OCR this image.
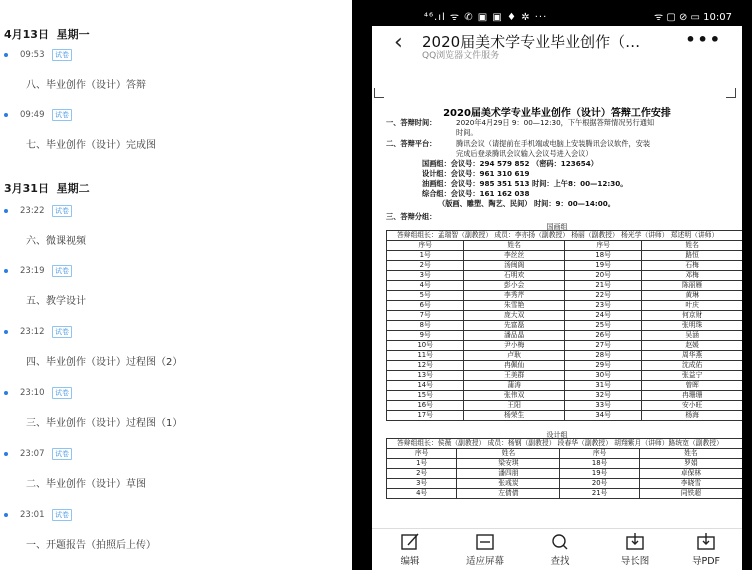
4月13日 星期一
09:53	试卷
八、毕业创作（设计）答辩
09:49	试卷
七、毕业创作（设计）完成图
3月31日 星期二
23:22	试卷
六、微课视频
23:19	试卷
五、教学设计
23:12	试卷
四、毕业创作（设计）过程图（2）
23:10	试卷
三、毕业创作（设计）过程图（1）
23:07	试卷
二、毕业创作（设计）草图
23:01	试卷
一、开题报告（拍照后上传）
⁴⁶.ıl ᯤ ✆ ▣ ▣ ♦ ✲ ···	ᯤ ▢ ⊘ ▭ 10:07
‹ 2020届美术学专业毕业创作（…
QQ浏览器文件服务
•••
2020届美术学专业毕业创作（设计）答辩工作安排
一、答辩时间：	2020年4月29日 9：00—12:30，下午根据答辩情况另行通知
时间。
二、答辩平台：	腾讯会议（请提前在手机端或电脑上安装腾讯会议软件，安装
完成后登录腾讯会议输入会议号进入会议）
国画组：会议号：294 579 852 （密码：123654）
设计组：会议号：961 310 619
油画组：会议号：985 351 513 时间：上午8：00—12:30。
综合组：会议号：161 162 038
（版画、雕塑、陶艺、民间） 时间：9：00—14:00。
三、答辩分组：
国画组
答辩组组长：孟瑞智（副教授） 成员：李亦扬（副教授） 杨丽（副教授） 杨光学（讲师） 郑述明（讲师）			
序号	姓名	序号	姓名
1号	李丝丝	18号	路恒
2号	汤闽阁	19号	石梅
3号	石明欢	20号	邓梅
4号	彭小会	21号	陈丽雁
5号	李秀芹	22号	黄琳
6号	朱雪艳	23号	叶庆
7号	庞大双	24号	何京财
8号	先富磊	25号	张明珠
9号	潘品晶	26号	吴涵
10号	尹小梅	27号	赵媛
11号	卢耿	28号	周华燕
12号	冉佩仙	29号	沈成佑
13号	王美群	30号	张益宁
14号	蒲涛	31号	曾晖
15号	张伟双	32号	冉珊珊
16号	王阳	33号	安小旺
17号	杨荣生	34号	杨海
设计组
答辩组组长：侯薇（副教授） 成员：杨钢（副教授） 段春华（副教授） 胡翔紫月（讲师）路统宽（副教授）			
序号	姓名	序号	姓名
1号	梁安琪	18号	罗娟
2号	潘四朋	19号	卓保林
3号	张彧炭	20号	李晓雪
4号	左倩倩	21号	同铁超
编辑	适应屏幕	查找	导长图	导PDF
